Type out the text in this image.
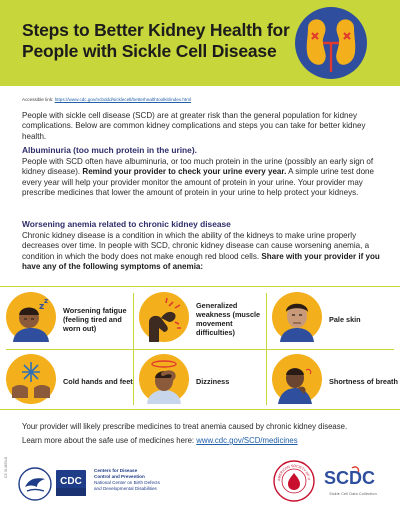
Steps to Better Kidney Health for People with Sickle Cell Disease
Accessible link: https://www.cdc.gov/ncbddd/sicklecell/betterhealthtoolkit/index.html
People with sickle cell disease (SCD) are at greater risk than the general population for kidney complications. Below are common kidney complications and steps you can take for better kidney health.
Albuminuria (too much protein in the urine).
People with SCD often have albuminuria, or too much protein in the urine (possibly an early sign of kidney disease). Remind your provider to check your urine every year. A simple urine test done every year will help your provider monitor the amount of protein in your urine. Your provider may prescribe medicines that lower the amount of protein in your urine to help protect your kidneys.
Worsening anemia related to chronic kidney disease
Chronic kidney disease is a condition in which the ability of the kidneys to make urine properly decreases over time. In people with SCD, chronic kidney disease can cause worsening anemia, a condition in which the body does not make enough red blood cells. Share with your provider if you have any of the following symptoms of anemia:
z
z
Worsening fatigue (feeling tired and worn out)
Generalized weakness (muscle movement difficulties)
Pale skin
Cold hands and feet	Dizziness	Shortness of breath
Your provider will likely prescribe medicines to treat anemia caused by chronic kidney disease.
Learn more about the safe use of medicines here: www.cdc.gov/SCD/medicines
CS 314853-D
CDC
Centers for Disease
Control and Prevention
National Center on Birth Defects
and Developmental Disabilities
AMERICAN SOCIETY OF H SCDC
Sickle Cell Data Collection
